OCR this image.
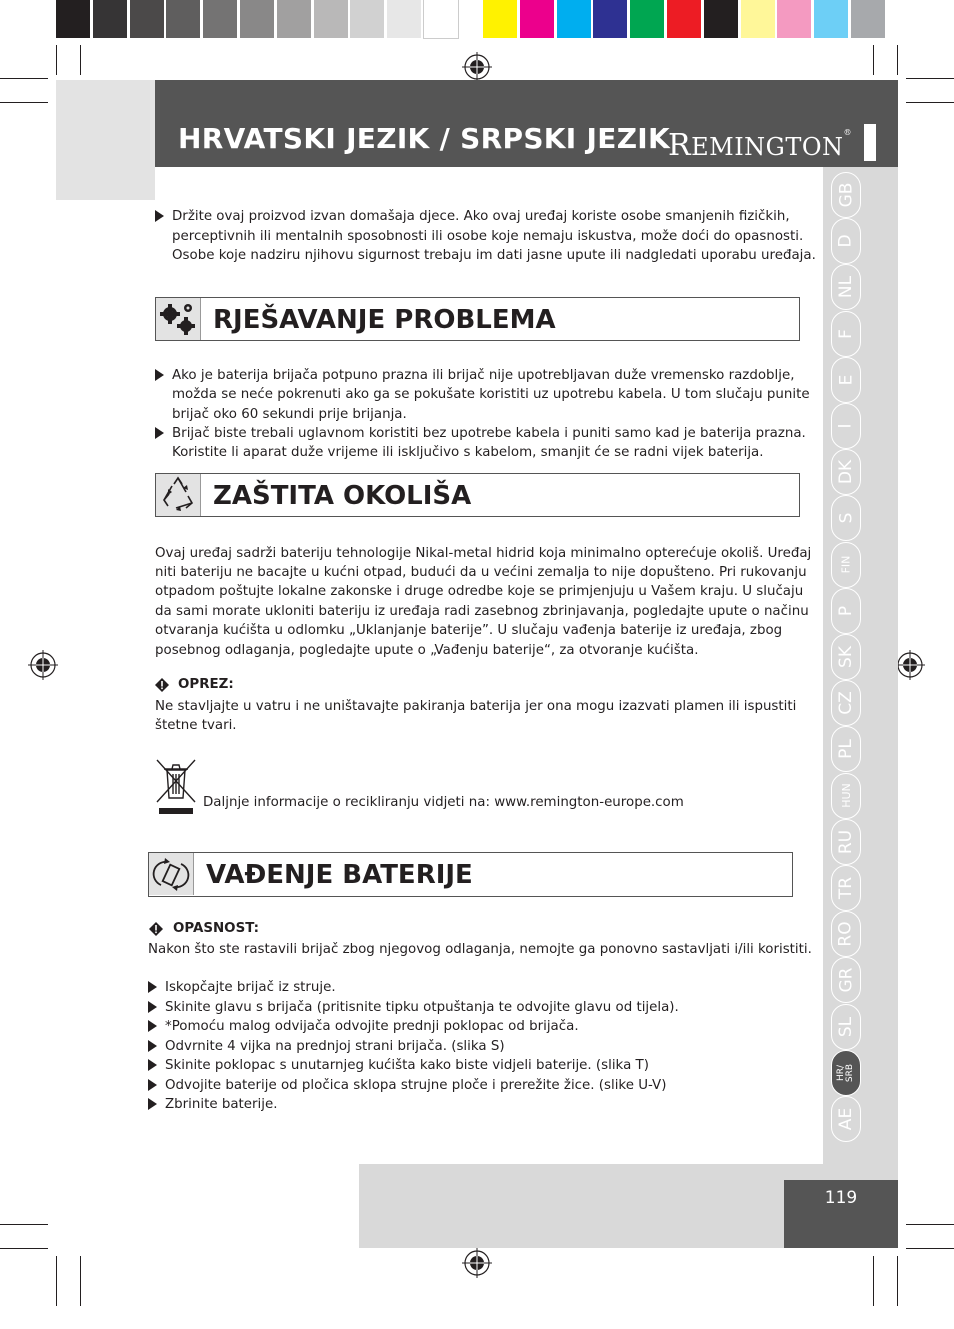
HRVATSKI JEZIK / SRPSKI JEZIK
REMINGTON®
GB
D
NL
F
E
I
DK
S
FIN
P
SK
CZ
PL
HUN
RU
TR
RO
GR
SL
HR/
SRB
AE
Držite ovaj proizvod izvan domašaja djece. Ako ovaj uređaj koriste osobe smanjenih fizičkih,
perceptivnih ili mentalnih sposobnosti ili osobe koje nemaju iskustva, može doći do opasnosti.
Osobe koje nadziru njihovu sigurnost trebaju im dati jasne upute ili nadgledati uporabu uređaja.
RJEŠAVANJE PROBLEMA
Ako je baterija brijača potpuno prazna ili brijač nije upotrebljavan duže vremensko razdoblje,
možda se neće pokrenuti ako ga se pokušate koristiti uz upotrebu kabela. U tom slučaju punite
brijač oko 60 sekundi prije brijanja.
Brijač biste trebali uglavnom koristiti bez upotrebe kabela i puniti samo kad je baterija prazna.
Koristite li aparat duže vrijeme ili isključivo s kabelom, smanjit će se radni vijek baterija.
ZAŠTITA OKOLIŠA
Ovaj uređaj sadrži bateriju tehnologije Nikal-metal hidrid koja minimalno opterećuje okoliš. Uređaj
niti bateriju ne bacajte u kućni otpad, budući da u većini zemalja to nije dopušteno. Pri rukovanju
otpadom poštujte lokalne zakonske i druge odredbe koje se primjenjuju u Vašem kraju. U slučaju
da sami morate ukloniti bateriju iz uređaja radi zasebnog zbrinjavanja, pogledajte upute o načinu
otvaranja kućišta u odlomku „Uklanjanje baterije”. U slučaju vađenja baterije iz uređaja, zbog
posebnog odlaganja, pogledajte upute o „Vađenju baterije“, za otvoranje kućišta.
OPREZ:
Ne stavljajte u vatru i ne uništavajte pakiranja baterija jer ona mogu izazvati plamen ili ispustiti
štetne tvari.
Daljnje informacije o recikliranju vidjeti na: www.remington-europe.com
VAĐENJE BATERIJE
OPASNOST:
Nakon što ste rastavili brijač zbog njegovog odlaganja, nemojte ga ponovno sastavljati i/ili koristiti.
Iskopčajte brijač iz struje.
Skinite glavu s brijača (pritisnite tipku otpuštanja te odvojite glavu od tijela).
*Pomoću malog odvijača odvojite prednji poklopac od brijača.
Odvrnite 4 vijka na prednjoj strani brijača. (slika S)
Skinite poklopac s unutarnjeg kućišta kako biste vidjeli baterije. (slika T)
Odvojite baterije od pločica sklopa strujne ploče i prerežite žice. (slike U-V)
Zbrinite baterije.
119
